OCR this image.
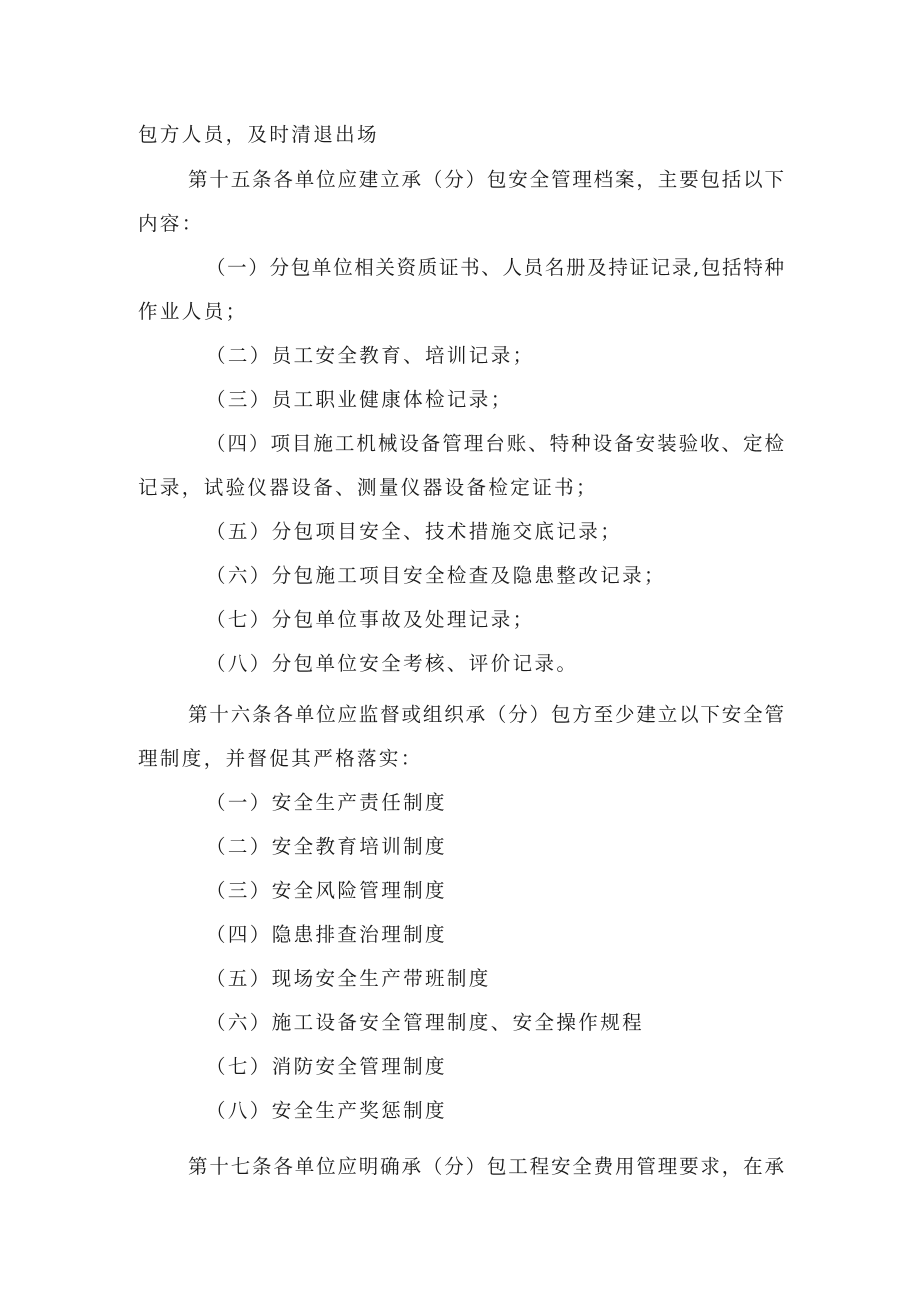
包方人员，及时清退出场
第十五条各单位应建立承（分）包安全管理档案，主要包括以下
内容：
（一）分包单位相关资质证书、人员名册及持证记录,包括特种
作业人员；
（二）员工安全教育、培训记录；
（三）员工职业健康体检记录；
（四）项目施工机械设备管理台账、特种设备安装验收、定检
记录，试验仪器设备、测量仪器设备检定证书；
（五）分包项目安全、技术措施交底记录；
（六）分包施工项目安全检查及隐患整改记录；
（七）分包单位事故及处理记录；
（八）分包单位安全考核、评价记录。
第十六条各单位应监督或组织承（分）包方至少建立以下安全管
理制度，并督促其严格落实：
（一）安全生产责任制度
（二）安全教育培训制度
（三）安全风险管理制度
（四）隐患排查治理制度
（五）现场安全生产带班制度
（六）施工设备安全管理制度、安全操作规程
（七）消防安全管理制度
（八）安全生产奖惩制度
第十七条各单位应明确承（分）包工程安全费用管理要求，在承
